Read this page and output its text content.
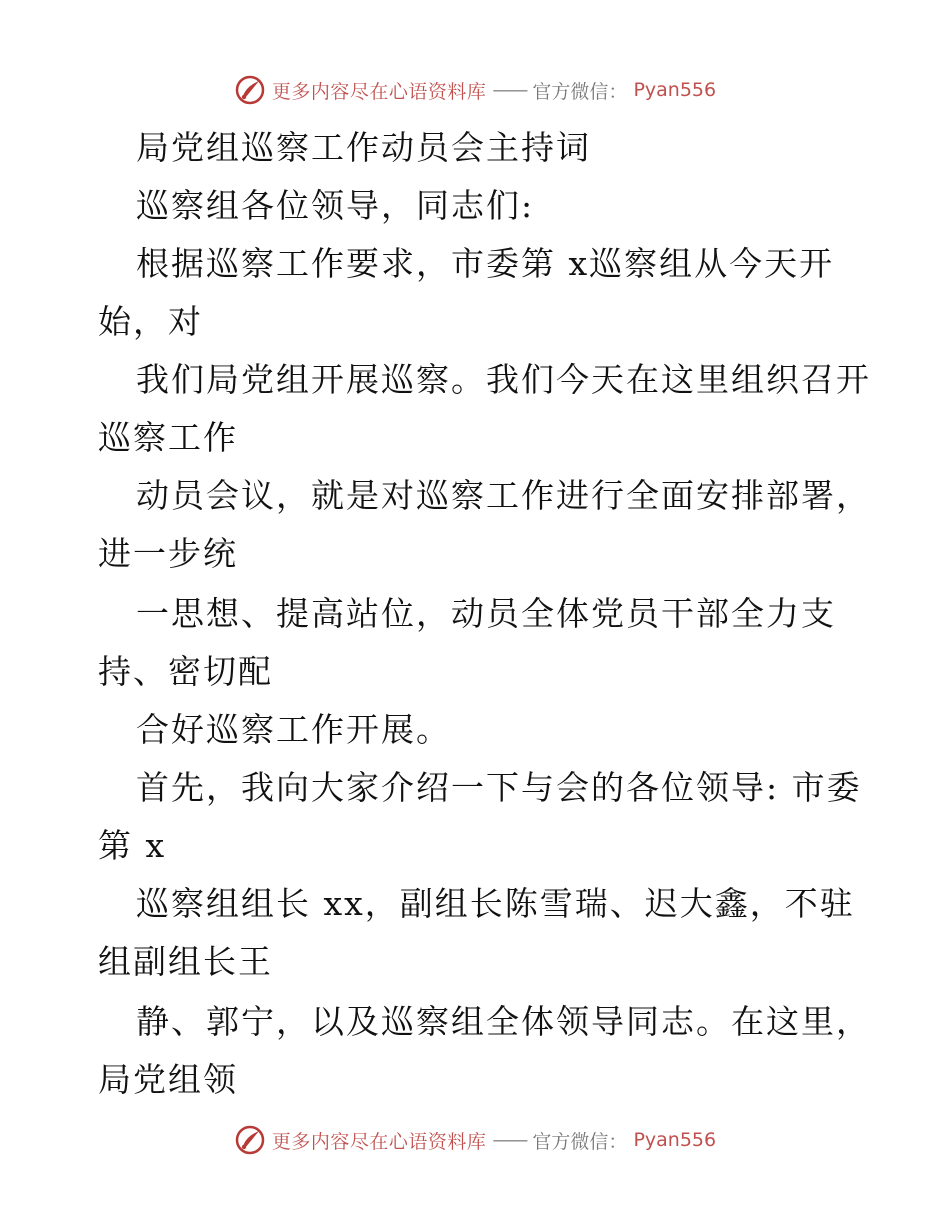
更多内容尽在心语资料库 —— 官方微信： Pyan556
局党组巡察工作动员会主持词
巡察组各位领导，同志们:
根据巡察工作要求，市委第 x巡察组从今天开
始，对
我们局党组开展巡察。我们今天在这里组织召开
巡察工作
动员会议，就是对巡察工作进行全面安排部署，
进一步统
一思想、提高站位，动员全体党员干部全力支
持、密切配
合好巡察工作开展。
首先，我向大家介绍一下与会的各位领导: 市委
第 x
巡察组组长 xx，副组长陈雪瑞、迟大鑫，不驻
组副组长王
静、郭宁，以及巡察组全体领导同志。在这里，
局党组领
更多内容尽在心语资料库 —— 官方微信： Pyan556
